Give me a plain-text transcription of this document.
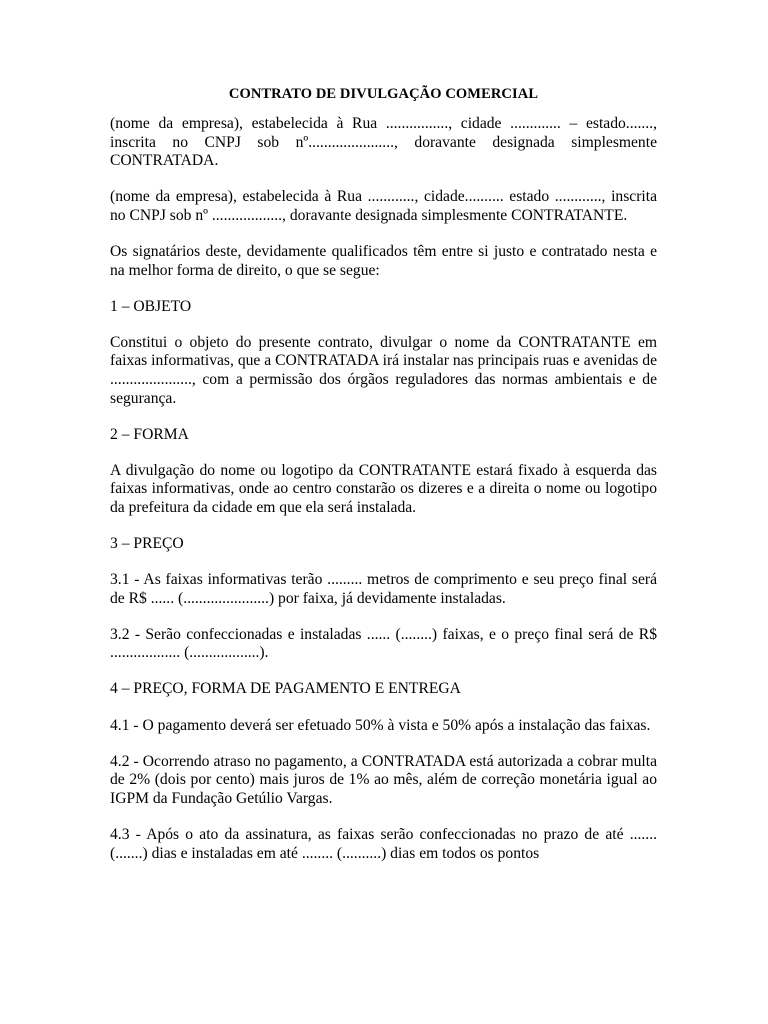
CONTRATO DE DIVULGAÇÃO COMERCIAL

(nome da empresa), estabelecida à Rua ................, cidade ............. – estado......., inscrita no CNPJ sob nº......................, doravante designada simplesmente CONTRATADA.

(nome da empresa), estabelecida à Rua ............, cidade.......... estado ............, inscrita no CNPJ sob nº .................., doravante designada simplesmente CONTRATANTE.

Os signatários deste, devidamente qualificados têm entre si justo e contratado nesta e na melhor forma de direito, o que se segue:

1 – OBJETO

Constitui o objeto do presente contrato, divulgar o nome da CONTRATANTE em faixas informativas, que a CONTRATADA irá instalar nas principais ruas e avenidas de ....................., com a permissão dos órgãos reguladores das normas ambientais e de segurança.

2 – FORMA

A divulgação do nome ou logotipo da CONTRATANTE estará fixado à esquerda das faixas informativas, onde ao centro constarão os dizeres e a direita o nome ou logotipo da prefeitura da cidade em que ela será instalada.

3 – PREÇO

3.1 - As faixas informativas terão ......... metros de comprimento e seu preço final será de R$ ...... (......................) por faixa, já devidamente instaladas.

3.2 - Serão confeccionadas e instaladas ...... (........) faixas, e o preço final será de R$ .................. (..................).

4 – PREÇO, FORMA DE PAGAMENTO E ENTREGA

4.1 - O pagamento deverá ser efetuado 50% à vista e 50% após a instalação das faixas.

4.2 - Ocorrendo atraso no pagamento, a CONTRATADA está autorizada a cobrar multa de 2% (dois por cento) mais juros de 1% ao mês, além de correção monetária igual ao IGPM da Fundação Getúlio Vargas.

4.3 - Após o ato da assinatura, as faixas serão confeccionadas no prazo de até ....... (.......) dias e instaladas em até ........ (..........) dias em todos os pontos
